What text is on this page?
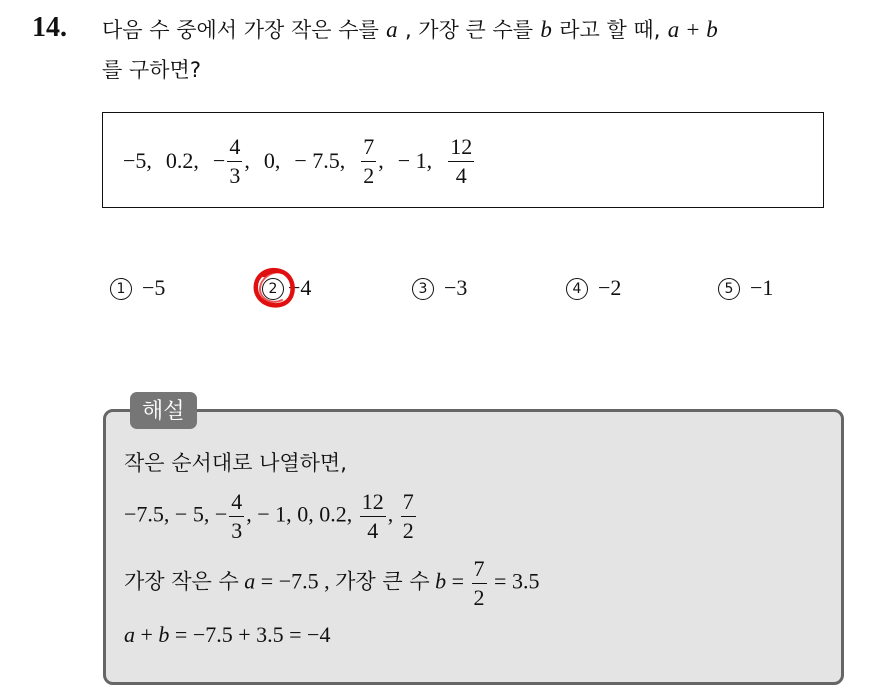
14. 다음 수 중에서 가장 작은 수를 a , 가장 큰 수를 b 라고 할 때, a + b
를 구하면?
−5, 0.2, − $\frac{4}{3}$ , 0, − 7.5, $\frac{7}{2}$ , − 1, $\frac{12}{4}$
1 −5	2 −4	3 −3	4 −2	5 −1
해설
작은 순서대로 나열하면,
−7.5, − 5, − $\frac{4}{3}$ , − 1, 0, 0.2, $\frac{12}{4}$ , $\frac{7}{2}$
가장 작은 수 a = −7.5 , 가장 큰 수 $b = \frac{7}{2} = 3.5$
a + b = −7.5 + 3.5 = −4
